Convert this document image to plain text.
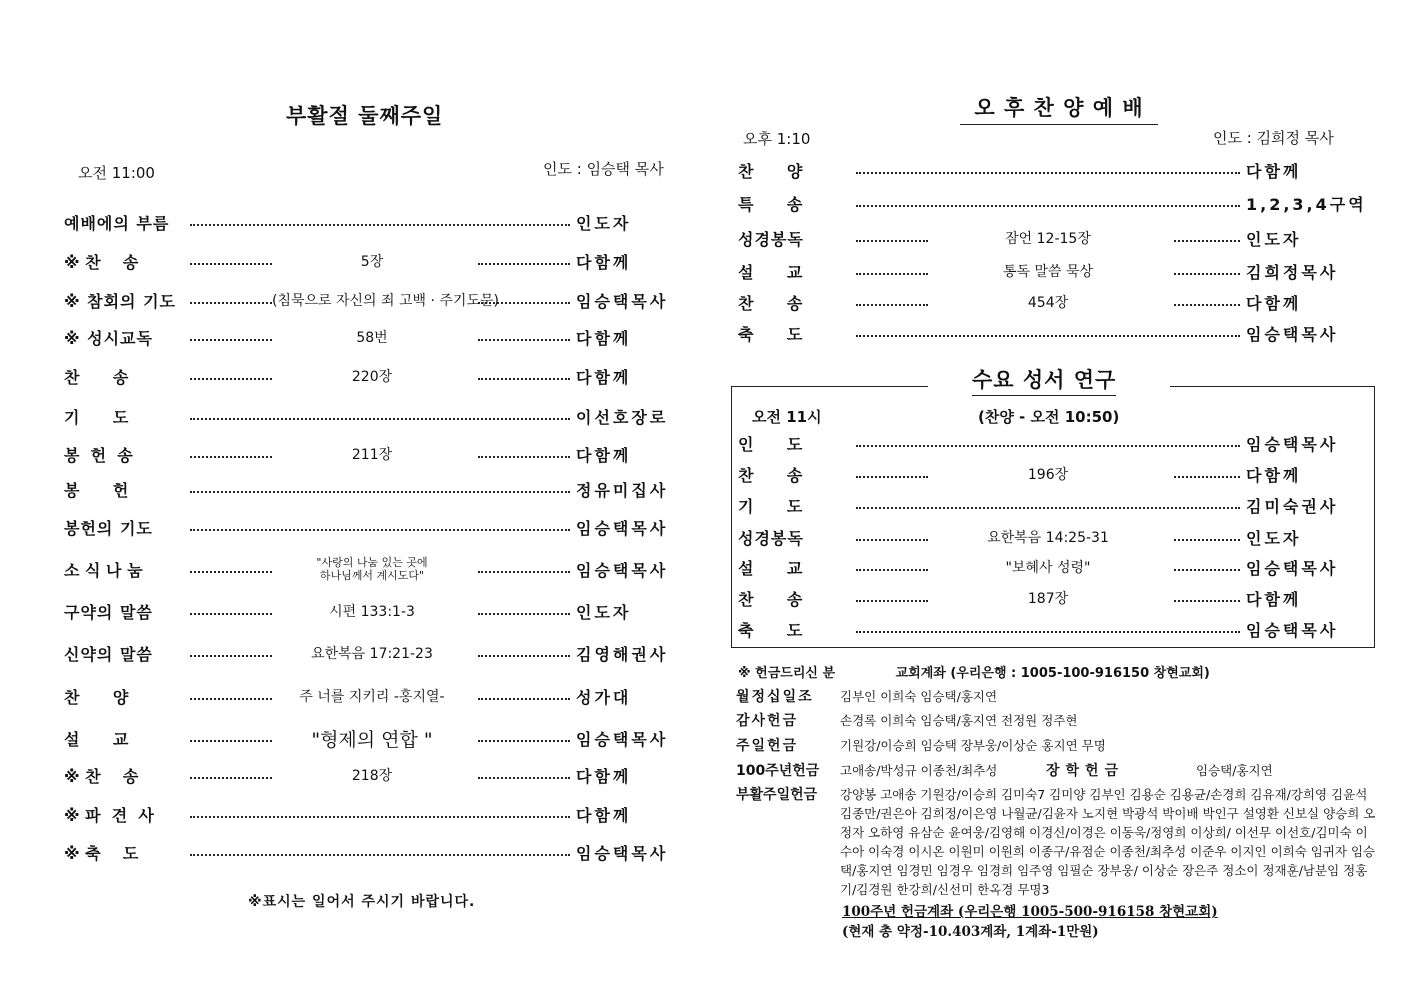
부활절 둘째주일
오전 11:00	인도 : 임승택 목사
예배에의 부름	인도자
※ 찬    송	5장	다함께
※ 참회의 기도	(침묵으로 자신의 죄 고백 · 주기도문)	임승택목사
※ 성시교독	58번	다함께
찬      송	220장	다함께
기      도	이선호장로
봉  헌  송	211장	다함께
봉      헌	정유미집사
봉헌의 기도	임승택목사
소 식 나 눔	"사랑의 나눔 있는 곳에
하나님께서 계시도다"	임승택목사
구약의 말씀	시편 133:1-3	인도자
신약의 말씀	요한복음 17:21-23	김영해권사
찬      양	주 너를 지키리 -홍지열-	성가대
설      교	"형제의 연합 "	임승택목사
※ 찬    송	218장	다함께
※ 파  견  사	다함께
※ 축    도	임승택목사
※표시는 일어서 주시기 바랍니다.
오 후 찬 양 예 배
오후 1:10	인도 : 김희정 목사
찬      양	다함께
특      송	1,2,3,4구역
성경봉독	잠언 12-15장	인도자
설      교	통독 말씀 묵상	김희정목사
찬      송	454장	다함께
축      도	임승택목사
수요 성서 연구
오전 11시	(찬양 - 오전 10:50)
인      도	임승택목사
찬      송	196장	다함께
기      도	김미숙권사
성경봉독	요한복음 14:25-31	인도자
설      교	"보혜사 성령"	임승택목사
찬      송	187장	다함께
축      도	임승택목사
※ 헌금드리신 분	교회계좌 (우리은행 : 1005-100-916150 창현교회)
월정십일조	김부인 이희숙 임승택/홍지연
감사헌금	손경록 이희숙 임승택/홍지연 전정원 정주현
주일헌금	기원강/이승희 임승택 장부웅/이상순 홍지연 무명
100주년헌금	고애송/박성규 이종천/최추성	장학헌금	임승택/홍지연
부활주일헌금	강양봉 고애송 기원강/이승희 김미숙7 김미양 김부인 김용순 김용균/손경희 김유재/강희영 김윤석 김종만/권은아 김희정/이은영 나월균/김윤자 노지현 박광석 박이배 박인구 설영환 신보실 양승희 오정자 오하영 유삼순 윤여웅/김영해 이경신/이경은 이동욱/정영희 이상희/ 이선무 이선호/김미숙 이수아 이숙경 이시온 이원미 이원희 이종구/유점순 이종천/최추성 이준우 이지인 이희숙 임귀자 임승택/홍지연 임경민 임경우 임경희 임주영 임필순 장부웅/ 이상순 장은주 정소이 정재훈/남분임 정홍기/김경원 한강희/신선미 한옥경 무명3
100주년 헌금계좌 (우리은행 1005-500-916158 창현교회)
(현재 총 약정-10.403계좌, 1계좌-1만원)
